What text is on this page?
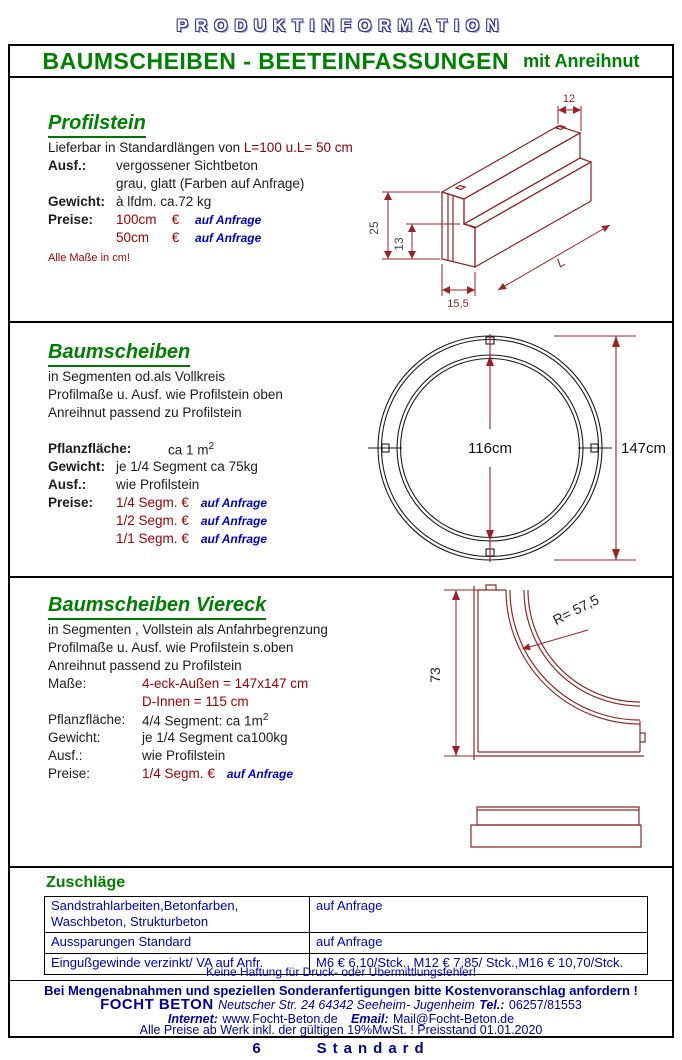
PRODUKTINFORMATION
BAUMSCHEIBEN - BEETEINFASSUNGEN mit Anreihnut
Profilstein
Lieferbar in Standardlängen von L=100 u.L= 50 cm
Ausf.: vergossener Sichtbeton
grau, glatt (Farben auf Anfrage)
Gewicht: à lfdm. ca.72 kg
Preise: 100cm € auf Anfrage
50cm € auf Anfrage
Alle Maße in cm!
12
25
13
15,5
L
Baumscheiben
in Segmenten od.als Vollkreis
Profilmaße u. Ausf. wie Profilstein oben
Anreihnut passend zu Profilstein
Pflanzfläche:	ca 1 $m^2$
Gewicht: je 1/4 Segment ca 75kg
Ausf.: wie Profilstein
Preise: 1/4 Segm. € auf Anfrage
1/2 Segm. € auf Anfrage
1/1 Segm. € auf Anfrage
116cm	147cm
Baumscheiben Viereck
in Segmenten , Vollstein als Anfahrbegrenzung
Profilmaße u. Ausf. wie Profilstein s.oben
Anreihnut passend zu Profilstein
Maße:	4-eck-Außen = 147x147 cm
D-Innen = 115 cm
Pflanzfläche: 4/4 Segment: ca $1m^2$
Gewicht:	je 1/4 Segment ca100kg
Ausf.:	wie Profilstein
Preise:	1/4 Segm. € auf Anfrage
73
R= 57,5
Zuschläge
Sandstrahlarbeiten,Betonfarben,
Waschbeton, Strukturbeton
auf Anfrage
Aussparungen Standard	auf Anfrage
Eingußgewinde verzinkt/ VA auf Anfr.	M6 € 6,10/Stck., M12 € 7,85/ Stck.,M16 € 10,70/Stck.
Keine Haftung für Druck- oder Übermittlungsfehler!
Bei Mengenabnahmen und speziellen Sonderanfertigungen bitte Kostenvoranschlag anfordern !
FOCHT BETON Neutscher Str. 24 64342 Seeheim- Jugenheim Tel.: 06257/81553
Internet: www.Focht-Beton.de Email: Mail@Focht-Beton.de
Alle Preise ab Werk inkl. der gültigen 19%MwSt. ! Preisstand 01.01.2020
6	Standard
